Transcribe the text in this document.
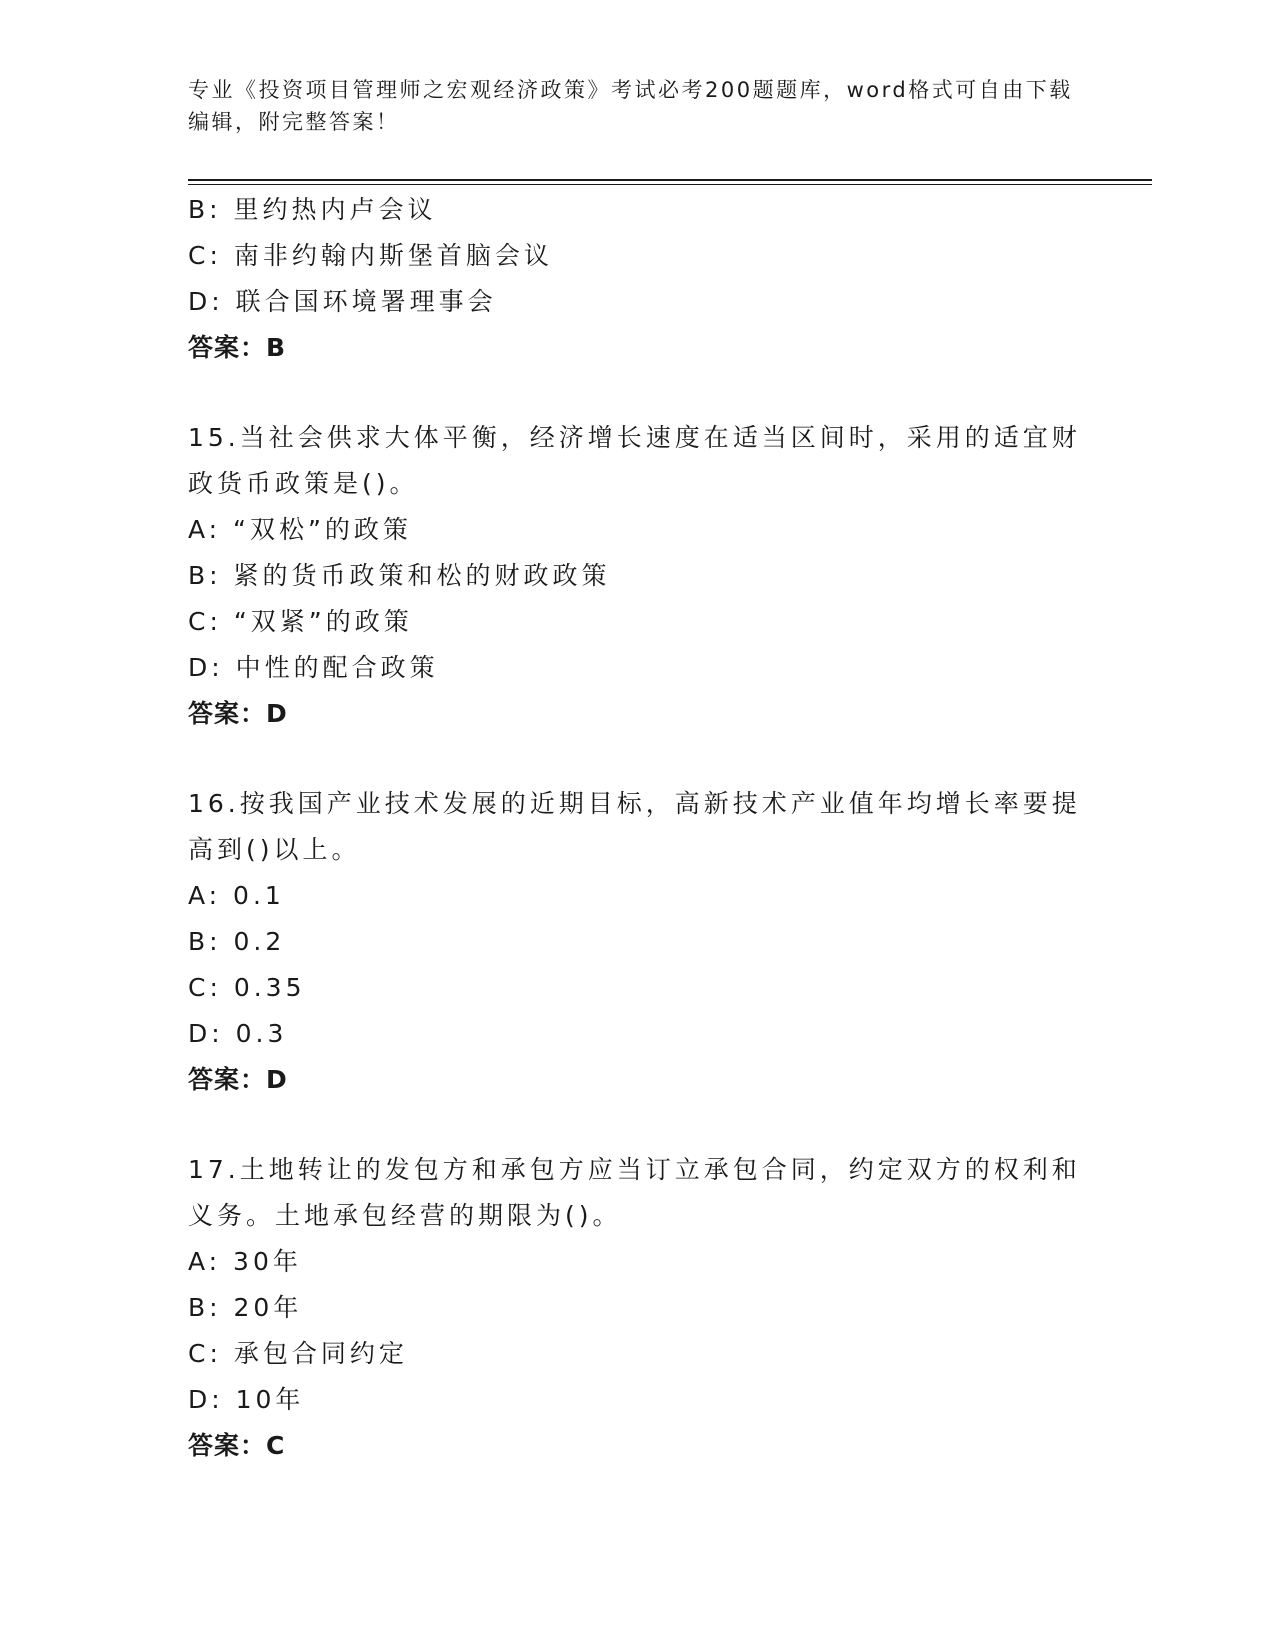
专业《投资项目管理师之宏观经济政策》考试必考200题题库，word格式可自由下载编辑，附完整答案！
B: 里约热内卢会议
C: 南非约翰内斯堡首脑会议
D: 联合国环境署理事会
答案：B
15.当社会供求大体平衡，经济增长速度在适当区间时，采用的适宜财
政货币政策是()。
A: “双松”的政策
B: 紧的货币政策和松的财政政策
C: “双紧”的政策
D: 中性的配合政策
答案：D
16.按我国产业技术发展的近期目标，高新技术产业值年均增长率要提
高到()以上。
A: 0.1
B: 0.2
C: 0.35
D: 0.3
答案：D
17.土地转让的发包方和承包方应当订立承包合同，约定双方的权利和
义务。土地承包经营的期限为()。
A: 30年
B: 20年
C: 承包合同约定
D: 10年
答案：C
